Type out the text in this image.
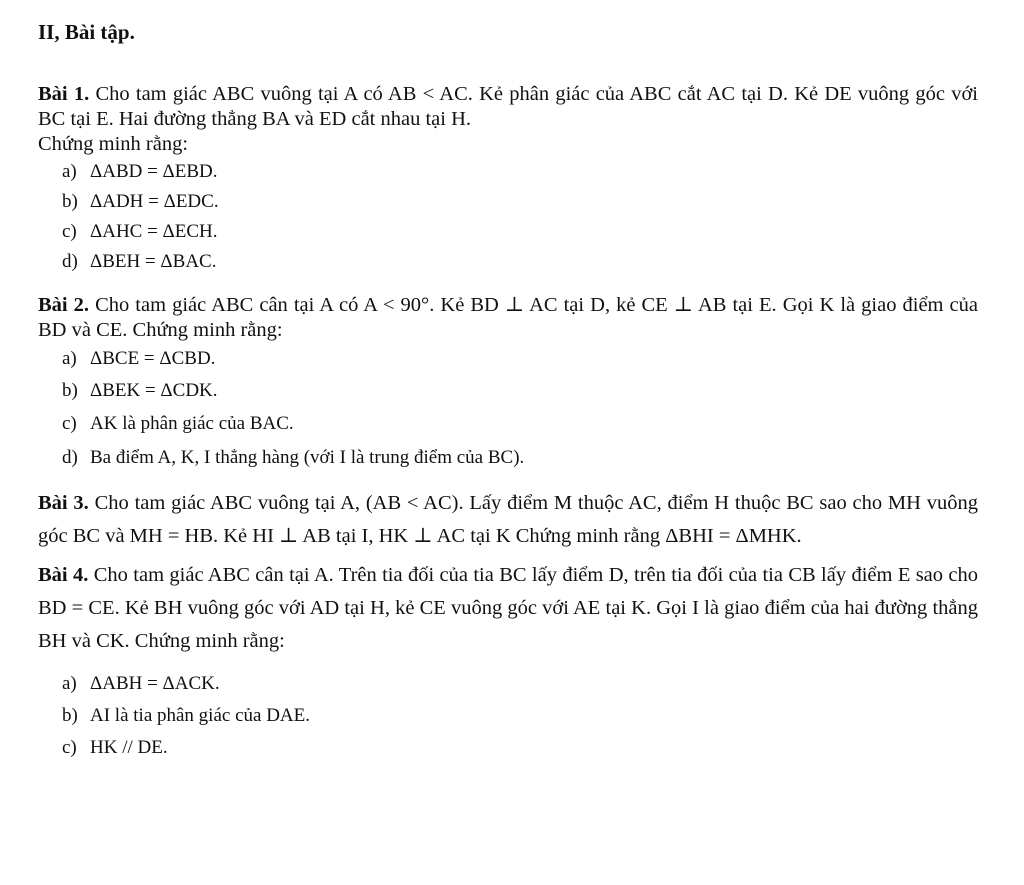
II, Bài tập.

Bài 1. Cho tam giác ABC vuông tại A có AB < AC. Kẻ phân giác của ABC cắt AC tại D. Kẻ DE vuông góc với BC tại E. Hai đường thẳng BA và ED cắt nhau tại H.

Chứng minh rằng:

a) ΔABD = ΔEBD.
b) ΔADH = ΔEDC.
c) ΔAHC = ΔECH.
d) ΔBEH = ΔBAC.

Bài 2. Cho tam giác ABC cân tại A có A < 90°. Kẻ BD ⊥ AC tại D, kẻ CE ⊥ AB tại E. Gọi K là giao điểm của BD và CE. Chứng minh rằng:

a) ΔBCE = ΔCBD.
b) ΔBEK = ΔCDK.
c) AK là phân giác của BAC.
d) Ba điểm A, K, I thẳng hàng (với I là trung điểm của BC).

Bài 3. Cho tam giác ABC vuông tại A, (AB < AC). Lấy điểm M thuộc AC, điểm H thuộc BC sao cho MH vuông góc BC và MH = HB. Kẻ HI ⊥ AB tại I, HK ⊥ AC tại K Chứng minh rằng ΔBHI = ΔMHK.

Bài 4. Cho tam giác ABC cân tại A. Trên tia đối của tia BC lấy điểm D, trên tia đối của tia CB lấy điểm E sao cho BD = CE. Kẻ BH vuông góc với AD tại H, kẻ CE vuông góc với AE tại K. Gọi I là giao điểm của hai đường thẳng BH và CK. Chứng minh rằng:

a) ΔABH = ΔACK.
b) AI là tia phân giác của DAE.
c) HK // DE.
